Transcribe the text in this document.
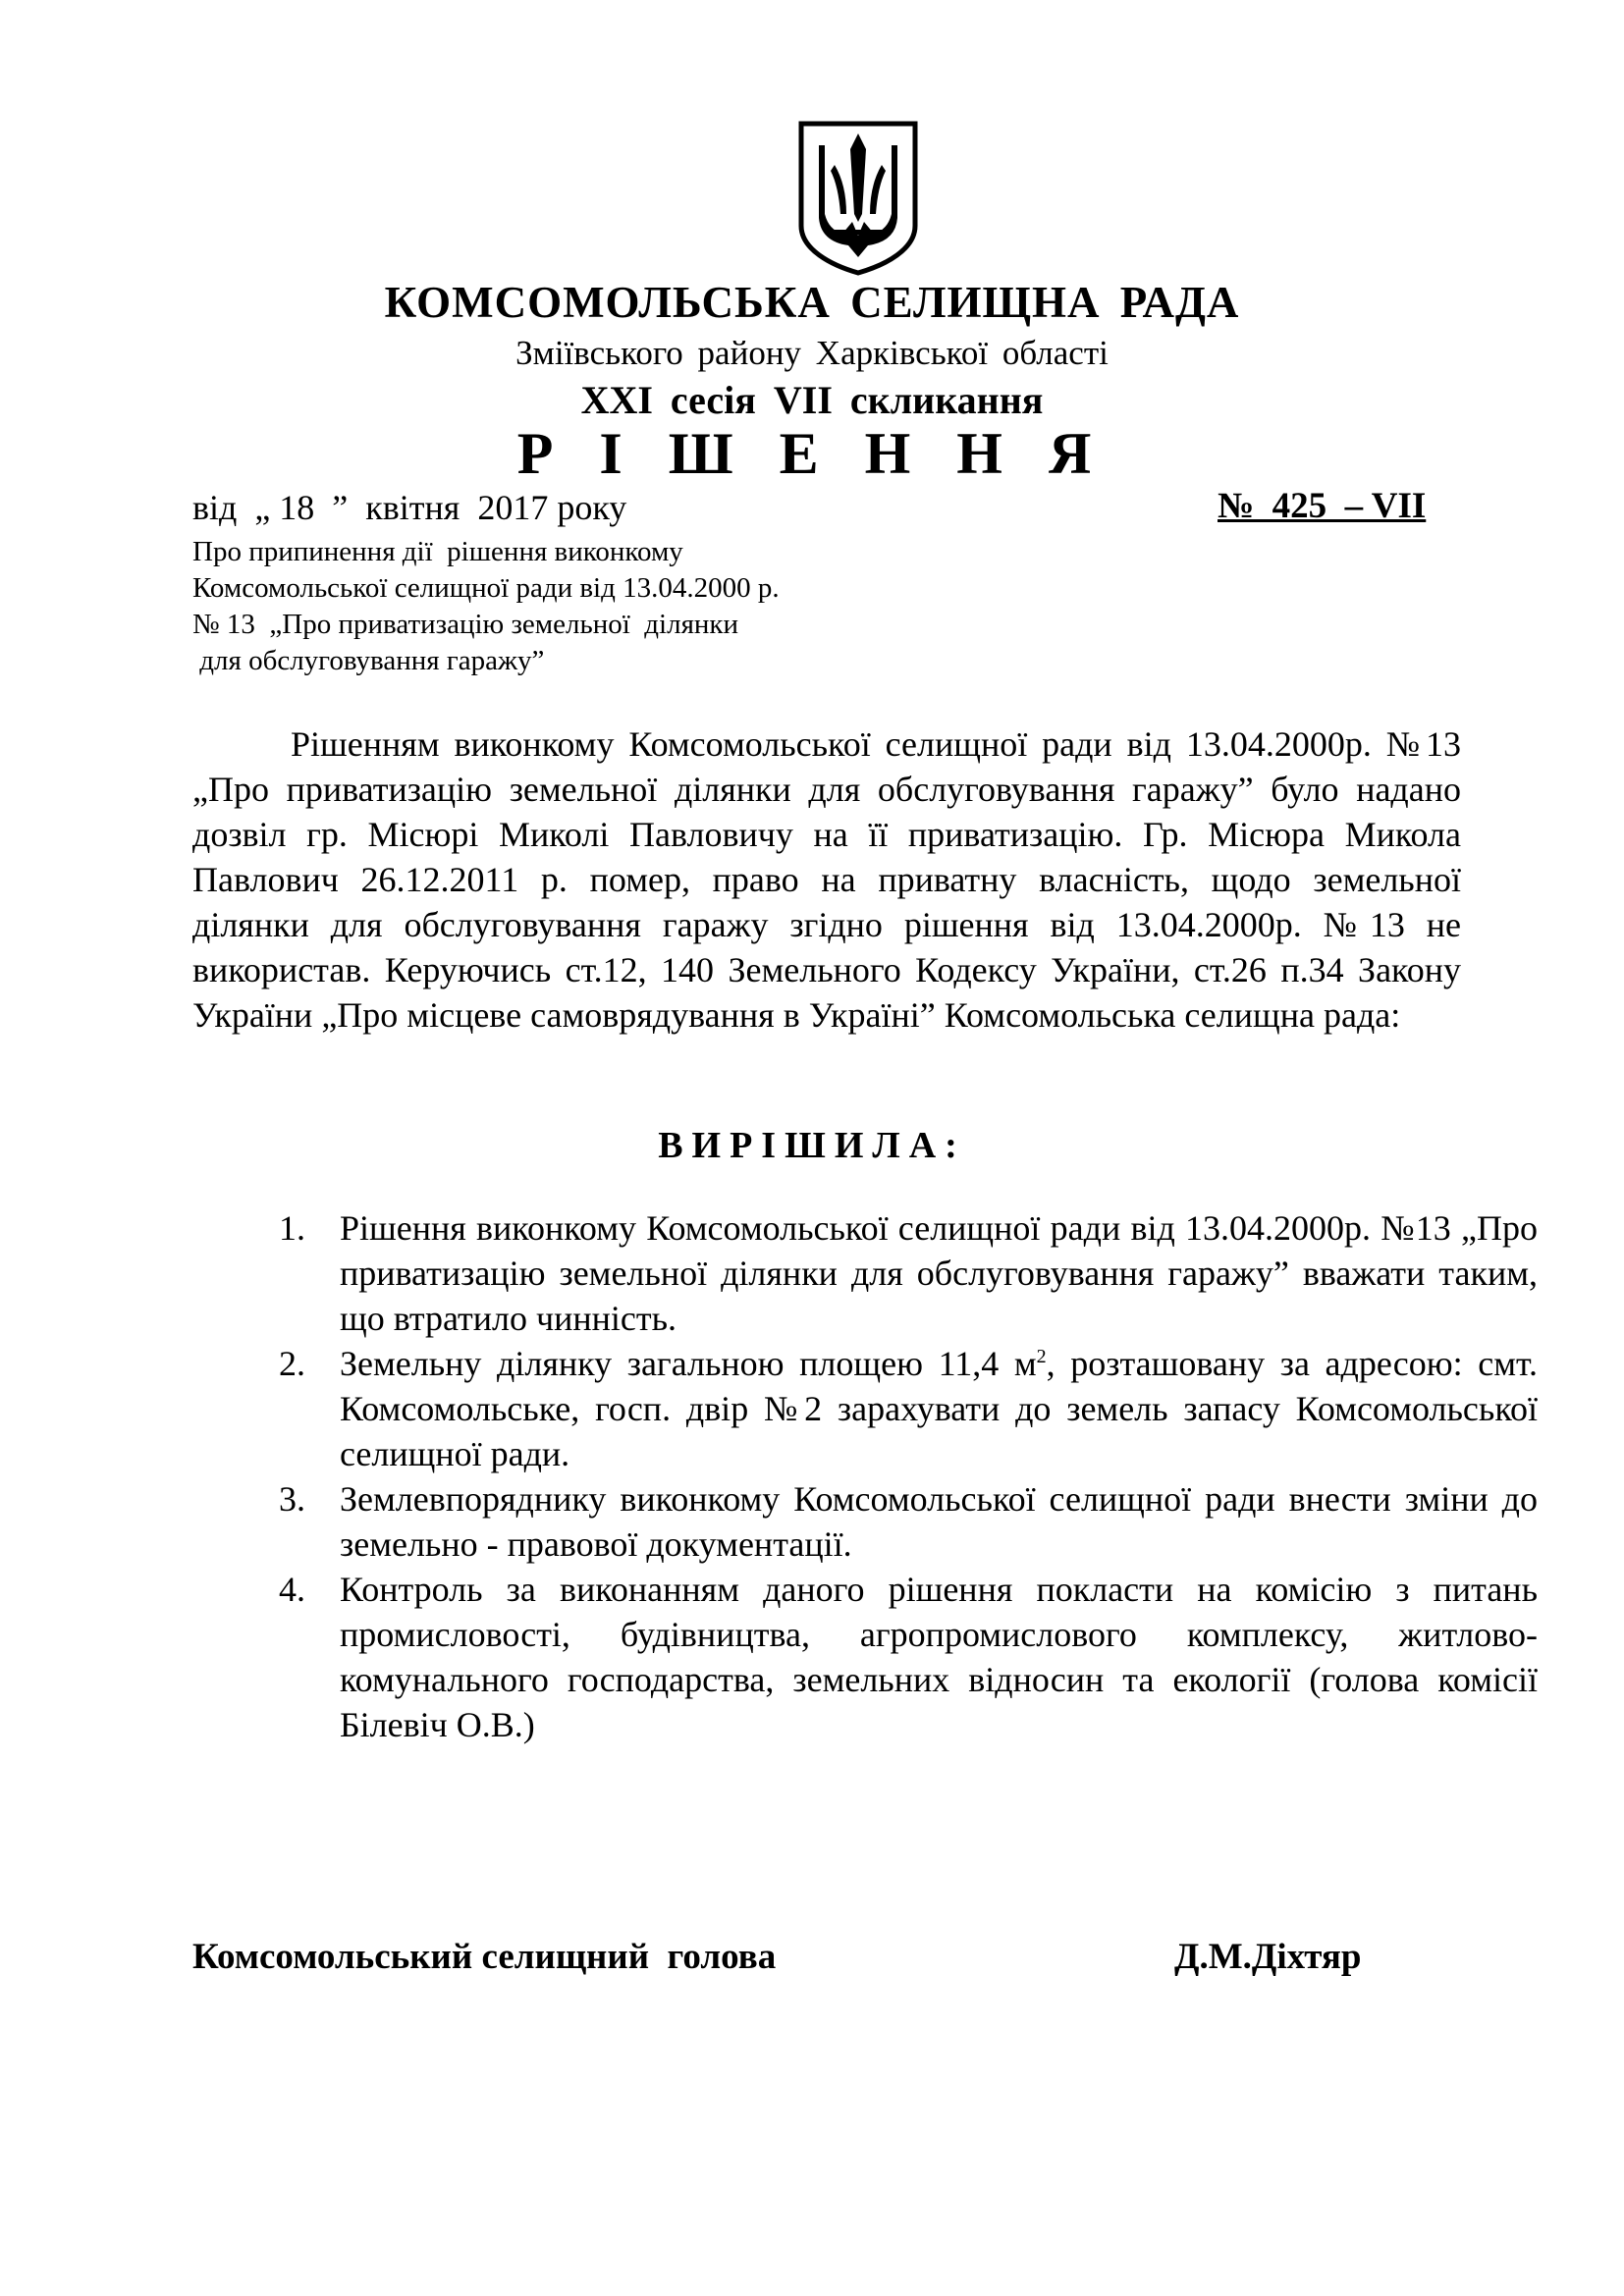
КОМСОМОЛЬСЬКА СЕЛИЩНА РАДА
Зміївського району Харківської області
XXI сесія VII скликання
Р І Ш Е Н Н Я
від  „ 18  ”  квітня  2017 року	№  425  – VII
Про припинення дії  рішення виконкому
Комсомольської селищної ради від 13.04.2000 р.
№ 13  „Про приватизацію земельної  ділянки
для обслуговування гаражу”
Рішенням виконкому Комсомольської селищної ради від 13.04.2000р. №13 „Про приватизацію земельної ділянки для обслуговування гаражу” було надано дозвіл гр. Місюрі Миколі Павловичу на її приватизацію. Гр. Місюра Микола Павлович 26.12.2011 р. помер, право на приватну власність, щодо земельної ділянки для обслуговування гаражу згідно рішення від 13.04.2000р. №13 не використав. Керуючись ст.12, 140 Земельного Кодексу України, ст.26 п.34 Закону України „Про місцеве самоврядування в Україні” Комсомольська селищна рада:
ВИРІШИЛА:
1. Рішення виконкому Комсомольської селищної ради від 13.04.2000р. №13 „Про приватизацію земельної ділянки для обслуговування гаражу” вважати таким, що втратило чинність.
2. Земельну ділянку загальною площею 11,4 $м^2$, розташовану за адресою: смт. Комсомольське, госп. двір №2 зарахувати до земель запасу Комсомольської селищної ради.
3. Землевпоряднику виконкому Комсомольської селищної ради внести зміни до земельно - правової документації.
4. Контроль за виконанням даного рішення покласти на комісію з питань промисловості, будівництва, агропромислового комплексу, житлово-комунального господарства, земельних відносин та екології (голова комісії Білевіч О.В.)
Комсомольський селищний  голова	Д.М.Діхтяр
